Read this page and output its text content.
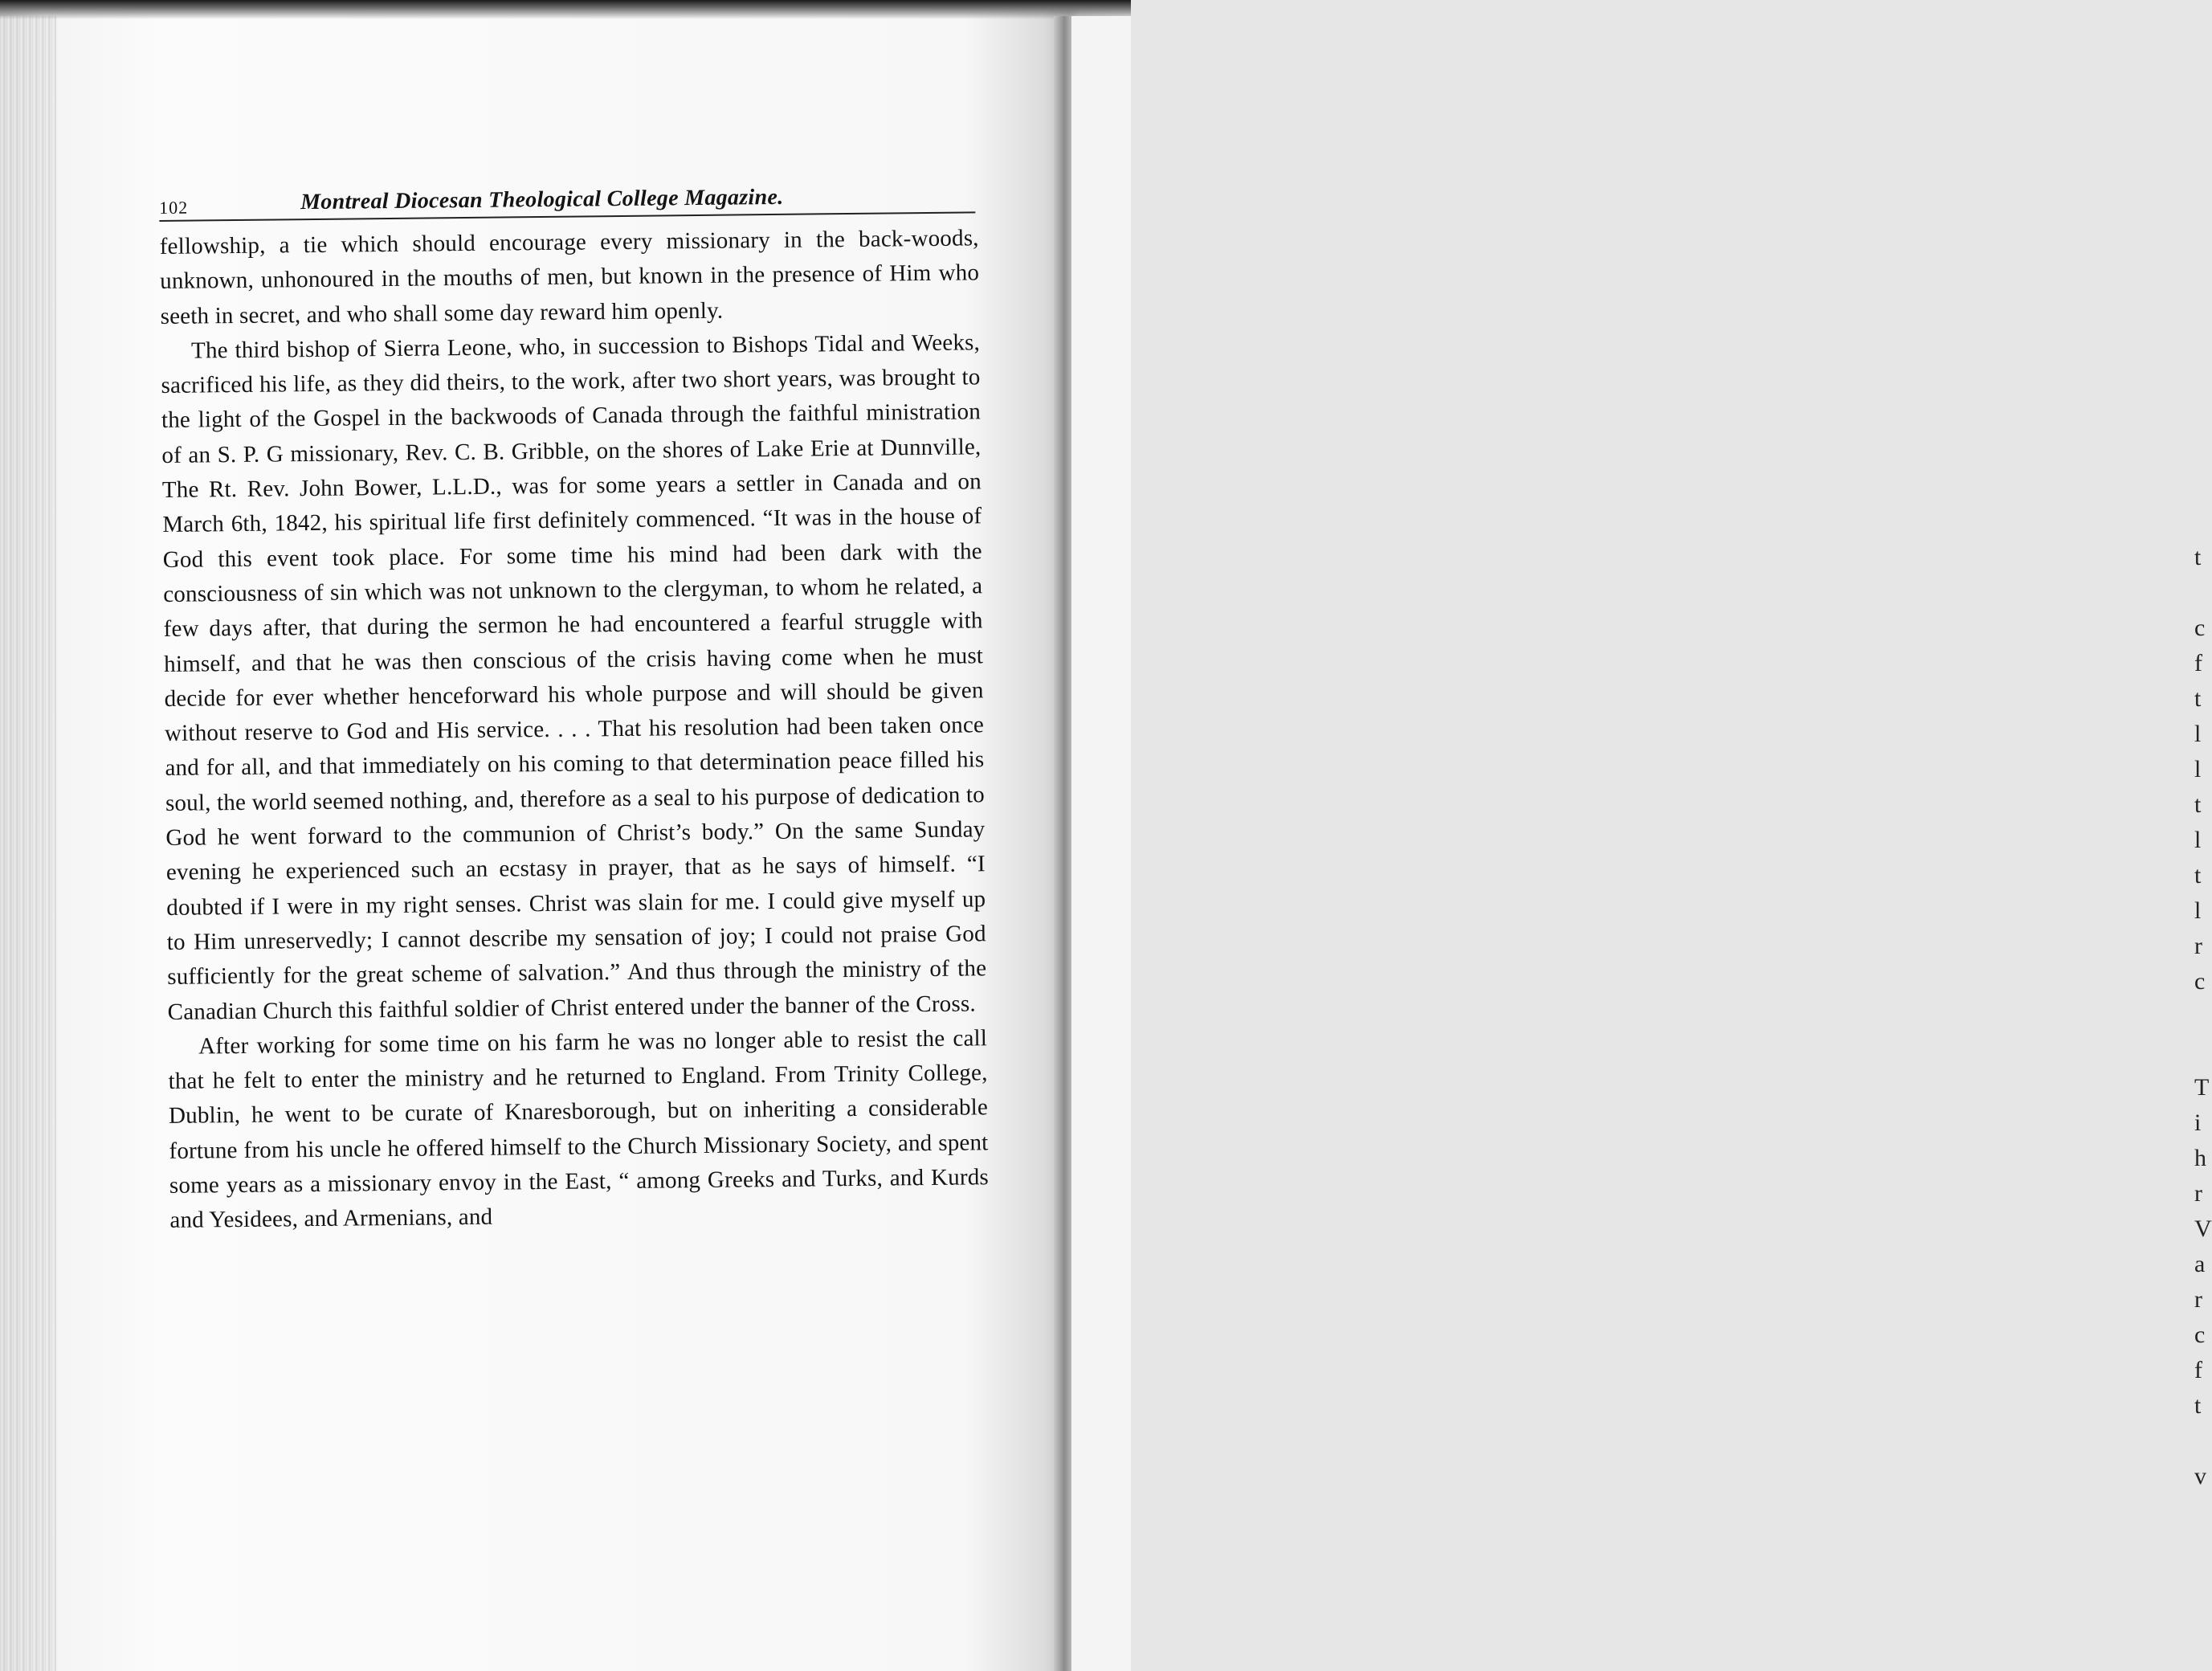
t

c
f
t
l
l
t
l
t
l
r
c

T
i
h
r
V
a
r
c
f
t

v
102	Montreal Diocesan Theological College Magazine.

fellowship, a tie which should encourage every missionary in the back-woods, unknown, unhonoured in the mouths of men, but known in the presence of Him who seeth in secret, and who shall some day reward him openly.

The third bishop of Sierra Leone, who, in succession to Bishops Tidal and Weeks, sacrificed his life, as they did theirs, to the work, after two short years, was brought to the light of the Gospel in the backwoods of Canada through the faithful ministration of an S. P. G missionary, Rev. C. B. Gribble, on the shores of Lake Erie at Dunnville, The Rt. Rev. John Bower, L.L.D., was for some years a settler in Canada and on March 6th, 1842, his spiritual life first definitely commenced. “It was in the house of God this event took place. For some time his mind had been dark with the consciousness of sin which was not unknown to the clergyman, to whom he related, a few days after, that during the sermon he had encountered a fearful struggle with himself, and that he was then conscious of the crisis having come when he must decide for ever whether henceforward his whole purpose and will should be given without reserve to God and His service. . . . That his resolution had been taken once and for all, and that immediately on his coming to that determination peace filled his soul, the world seemed nothing, and, therefore as a seal to his purpose of dedication to God he went forward to the communion of Christ’s body.” On the same Sunday evening he experienced such an ecstasy in prayer, that as he says of himself. “I doubted if I were in my right senses. Christ was slain for me. I could give myself up to Him unreservedly; I cannot describe my sensation of joy; I could not praise God sufficiently for the great scheme of salvation.” And thus through the ministry of the Canadian Church this faithful soldier of Christ entered under the banner of the Cross.

After working for some time on his farm he was no longer able to resist the call that he felt to enter the ministry and he returned to England. From Trinity College, Dublin, he went to be curate of Knaresborough, but on inheriting a considerable fortune from his uncle he offered himself to the Church Missionary Society, and spent some years as a missionary envoy in the East, “ among Greeks and Turks, and Kurds and Yesidees, and Armenians, and
